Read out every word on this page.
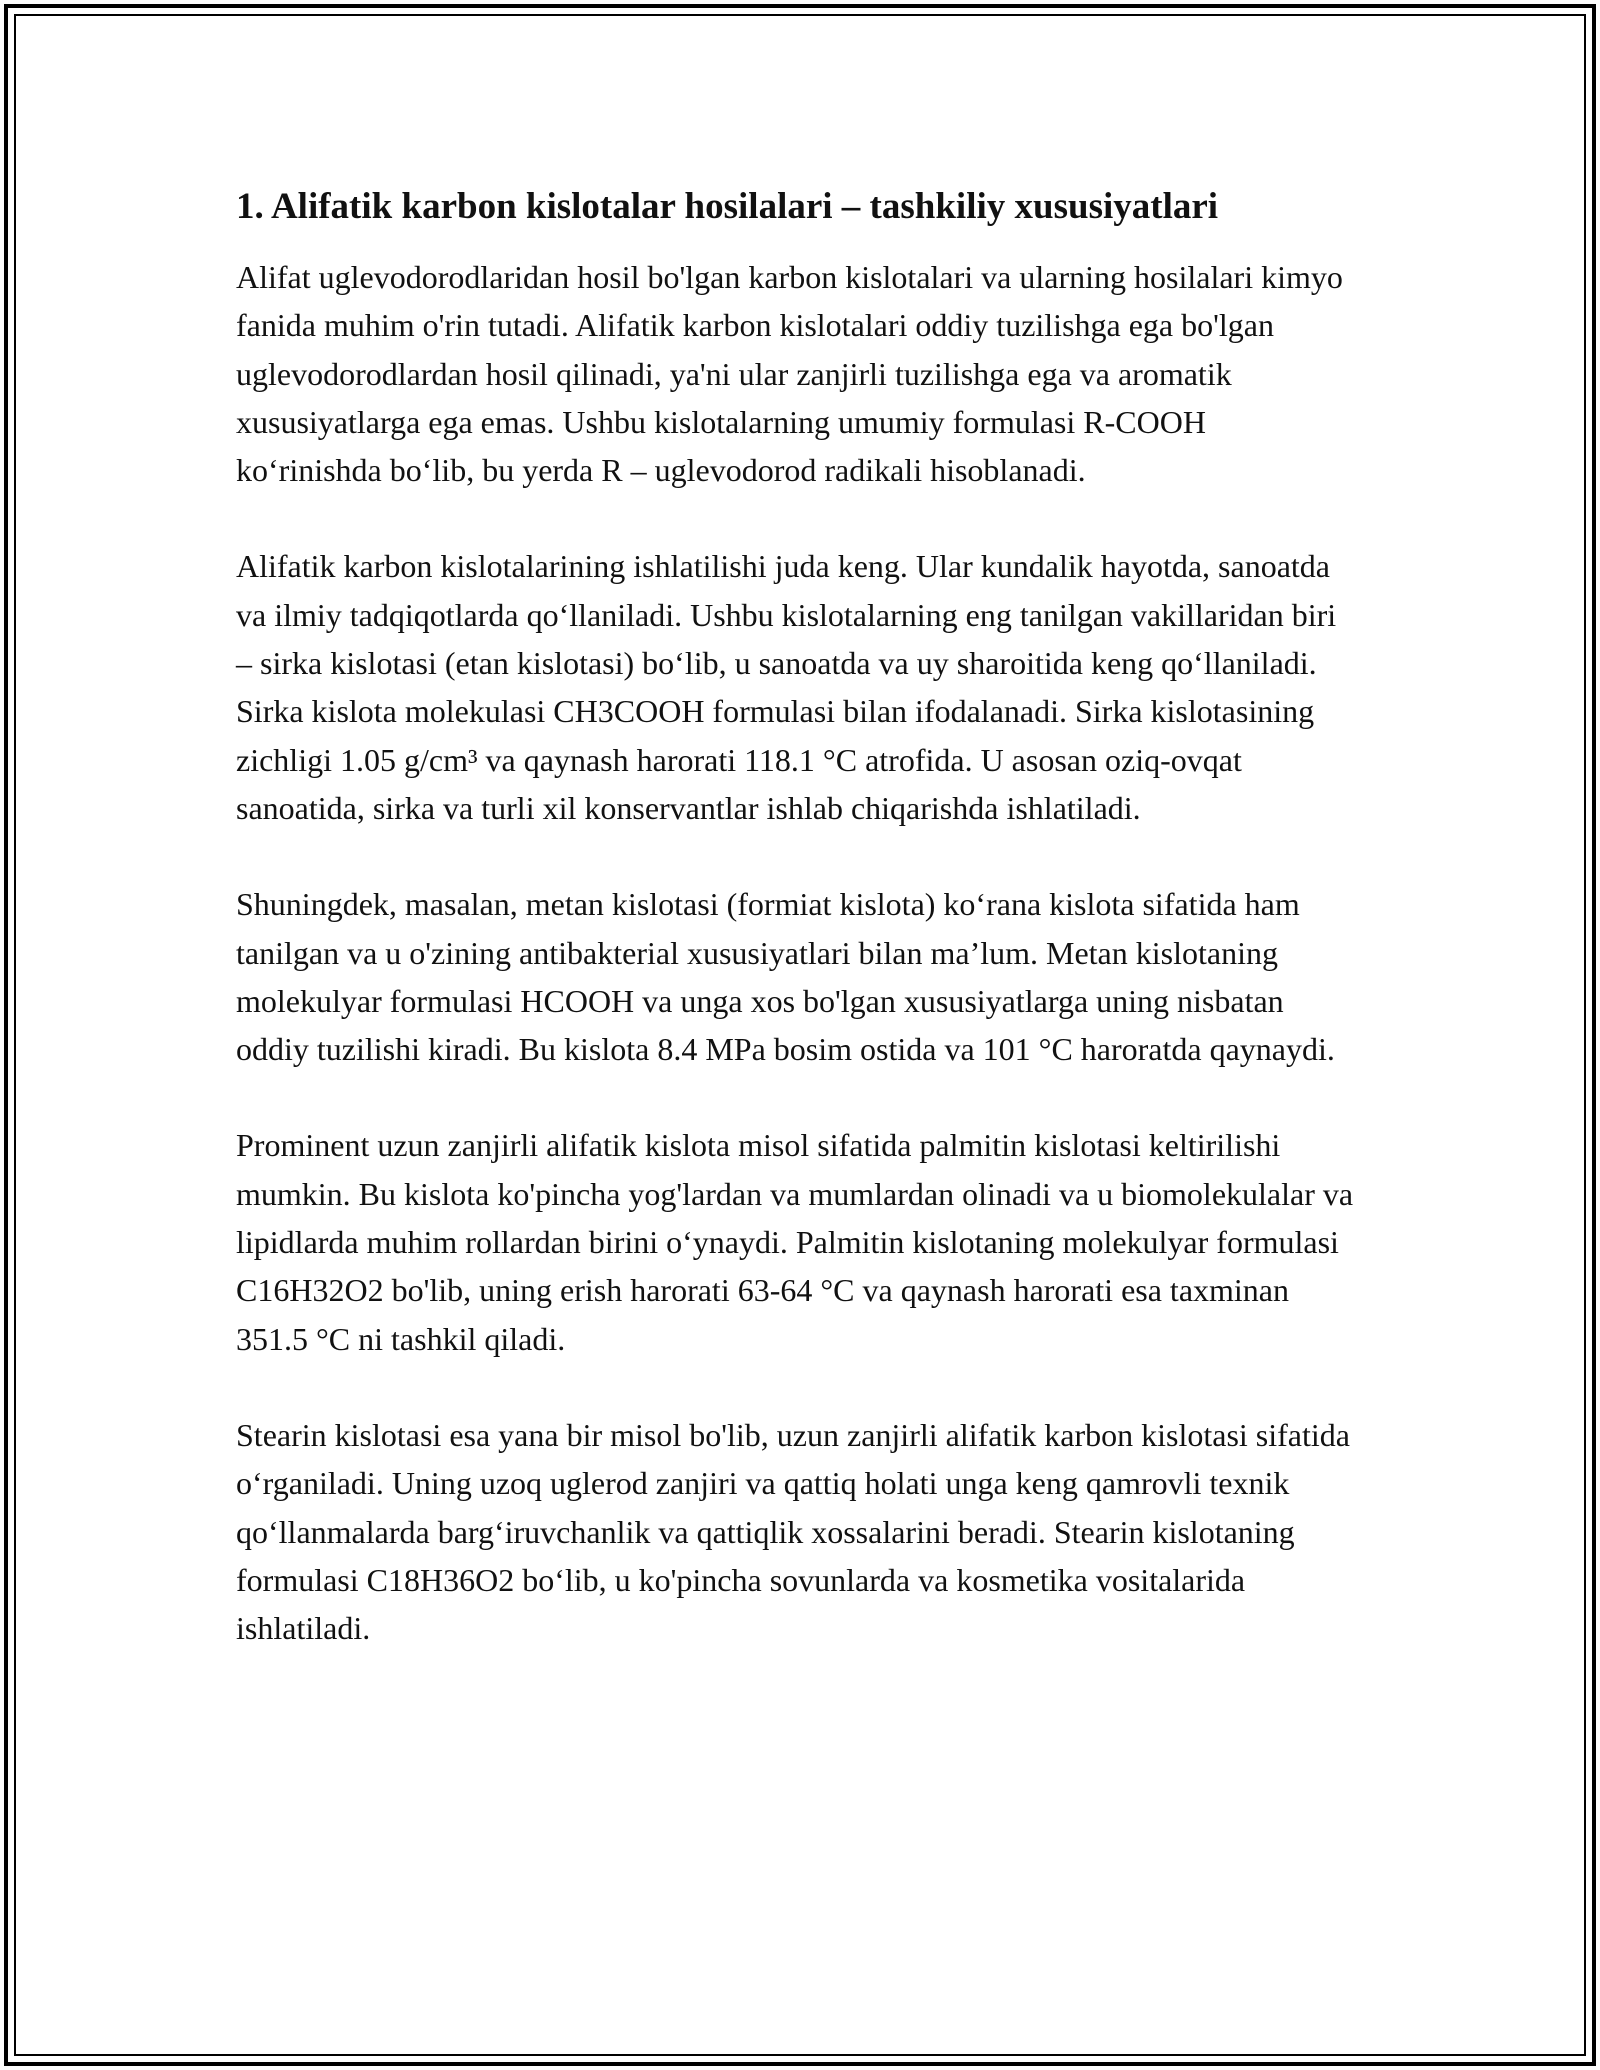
1. Alifatik karbon kislotalar hosilalari – tashkiliy xususiyatlari

Alifat uglevodorodlaridan hosil bo'lgan karbon kislotalari va ularning hosilalari kimyo fanida muhim o'rin tutadi. Alifatik karbon kislotalari oddiy tuzilishga ega bo'lgan uglevodorodlardan hosil qilinadi, ya'ni ular zanjirli tuzilishga ega va aromatik xususiyatlarga ega emas. Ushbu kislotalarning umumiy formulasi R-COOH ko‘rinishda bo‘lib, bu yerda R – uglevodorod radikali hisoblanadi.

Alifatik karbon kislotalarining ishlatilishi juda keng. Ular kundalik hayotda, sanoatda va ilmiy tadqiqotlarda qo‘llaniladi. Ushbu kislotalarning eng tanilgan vakillaridan biri – sirka kislotasi (etan kislotasi) bo‘lib, u sanoatda va uy sharoitida keng qo‘llaniladi. Sirka kislota molekulasi CH3COOH formulasi bilan ifodalanadi. Sirka kislotasining zichligi 1.05 g/cm³ va qaynash harorati 118.1 °C atrofida. U asosan oziq-ovqat sanoatida, sirka va turli xil konservantlar ishlab chiqarishda ishlatiladi.

Shuningdek, masalan, metan kislotasi (formiat kislota) ko‘rana kislota sifatida ham tanilgan va u o'zining antibakterial xususiyatlari bilan ma’lum. Metan kislotaning molekulyar formulasi HCOOH va unga xos bo'lgan xususiyatlarga uning nisbatan oddiy tuzilishi kiradi. Bu kislota 8.4 MPa bosim ostida va 101 °C haroratda qaynaydi.

Prominent uzun zanjirli alifatik kislota misol sifatida palmitin kislotasi keltirilishi mumkin. Bu kislota ko'pincha yog'lardan va mumlardan olinadi va u biomolekulalar va lipidlarda muhim rollardan birini o‘ynaydi. Palmitin kislotaning molekulyar formulasi C16H32O2 bo'lib, uning erish harorati 63-64 °C va qaynash harorati esa taxminan 351.5 °C ni tashkil qiladi.

Stearin kislotasi esa yana bir misol bo'lib, uzun zanjirli alifatik karbon kislotasi sifatida o‘rganiladi. Uning uzoq uglerod zanjiri va qattiq holati unga keng qamrovli texnik qo‘llanmalarda barg‘iruvchanlik va qattiqlik xossalarini beradi. Stearin kislotaning formulasi C18H36O2 bo‘lib, u ko'pincha sovunlarda va kosmetika vositalarida ishlatiladi.
